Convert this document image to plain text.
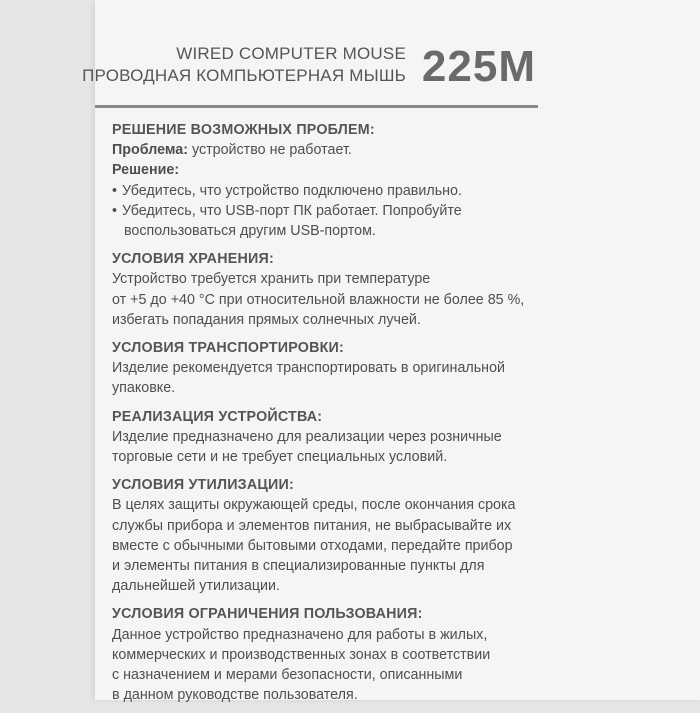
WIRED COMPUTER MOUSE
ПРОВОДНАЯ КОМПЬЮТЕРНАЯ МЫШЬ 225M
РЕШЕНИЕ ВОЗМОЖНЫХ ПРОБЛЕМ:
Проблема: устройство не работает.
Решение:
• Убедитесь, что устройство подключено правильно.
• Убедитесь, что USB-порт ПК работает. Попробуйте
воспользоваться другим USB-портом.
УСЛОВИЯ ХРАНЕНИЯ:
Устройство требуется хранить при температуре
от +5 до +40 °С при относительной влажности не более 85 %,
избегать попадания прямых солнечных лучей.
УСЛОВИЯ ТРАНСПОРТИРОВКИ:
Изделие рекомендуется транспортировать в оригинальной
упаковке.
РЕАЛИЗАЦИЯ УСТРОЙСТВА:
Изделие предназначено для реализации через розничные
торговые сети и не требует специальных условий.
УСЛОВИЯ УТИЛИЗАЦИИ:
В целях защиты окружающей среды, после окончания срока
службы прибора и элементов питания, не выбрасывайте их
вместе с обычными бытовыми отходами, передайте прибор
и элементы питания в специализированные пункты для
дальнейшей утилизации.
УСЛОВИЯ ОГРАНИЧЕНИЯ ПОЛЬЗОВАНИЯ:
Данное устройство предназначено для работы в жилых,
коммерческих и производственных зонах в соответствии
с назначением и мерами безопасности, описанными
в данном руководстве пользователя.
